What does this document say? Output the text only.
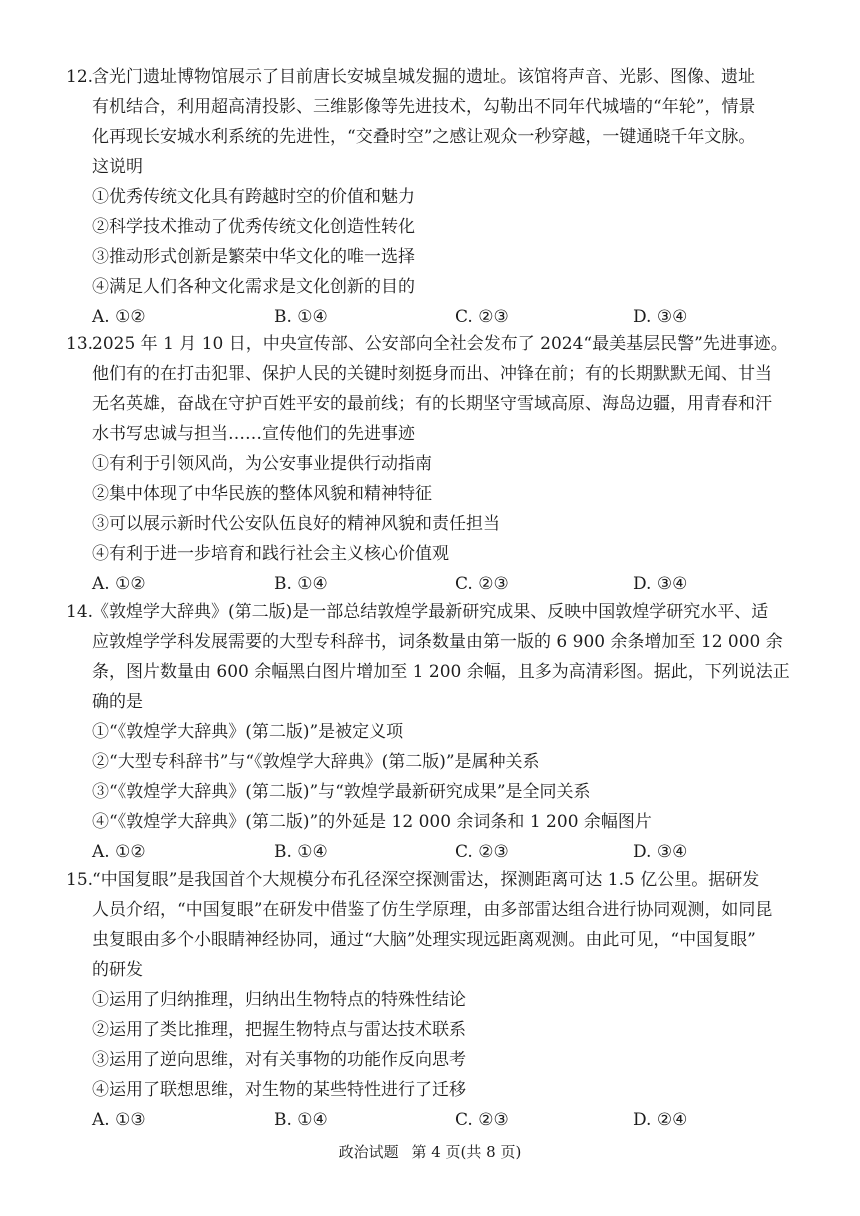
12.
含光门遗址博物馆展示了目前唐长安城皇城发掘的遗址。该馆将声音、光影、图像、遗址
有机结合，利用超高清投影、三维影像等先进技术，勾勒出不同年代城墙的“年轮”，情景
化再现长安城水利系统的先进性，“交叠时空”之感让观众一秒穿越，一键通晓千年文脉。
这说明
①优秀传统文化具有跨越时空的价值和魅力
②科学技术推动了优秀传统文化创造性转化
③推动形式创新是繁荣中华文化的唯一选择
④满足人们各种文化需求是文化创新的目的
A. ①②	B. ①④	C. ②③	D. ③④
13.
2025 年 1 月 10 日，中央宣传部、公安部向全社会发布了 2024“最美基层民警”先进事迹。
他们有的在打击犯罪、保护人民的关键时刻挺身而出、冲锋在前；有的长期默默无闻、甘当
无名英雄，奋战在守护百姓平安的最前线；有的长期坚守雪域高原、海岛边疆，用青春和汗
水书写忠诚与担当……宣传他们的先进事迹
①有利于引领风尚，为公安事业提供行动指南
②集中体现了中华民族的整体风貌和精神特征
③可以展示新时代公安队伍良好的精神风貌和责任担当
④有利于进一步培育和践行社会主义核心价值观
A. ①②	B. ①④	C. ②③	D. ③④
14.
《敦煌学大辞典》(第二版)是一部总结敦煌学最新研究成果、反映中国敦煌学研究水平、适
应敦煌学学科发展需要的大型专科辞书，词条数量由第一版的 6 900 余条增加至 12 000 余
条，图片数量由 600 余幅黑白图片增加至 1 200 余幅，且多为高清彩图。据此，下列说法正
确的是
①“《敦煌学大辞典》(第二版)”是被定义项
②“大型专科辞书”与“《敦煌学大辞典》(第二版)”是属种关系
③“《敦煌学大辞典》(第二版)”与“敦煌学最新研究成果”是全同关系
④“《敦煌学大辞典》(第二版)”的外延是 12 000 余词条和 1 200 余幅图片
A. ①②	B. ①④	C. ②③	D. ③④
15.
“中国复眼”是我国首个大规模分布孔径深空探测雷达，探测距离可达 1.5 亿公里。据研发
人员介绍，“中国复眼”在研发中借鉴了仿生学原理，由多部雷达组合进行协同观测，如同昆
虫复眼由多个小眼睛神经协同，通过“大脑”处理实现远距离观测。由此可见，“中国复眼”
的研发
①运用了归纳推理，归纳出生物特点的特殊性结论
②运用了类比推理，把握生物特点与雷达技术联系
③运用了逆向思维，对有关事物的功能作反向思考
④运用了联想思维，对生物的某些特性进行了迁移
A. ①③	B. ①④	C. ②③	D. ②④
政治试题 第 4 页(共 8 页)
